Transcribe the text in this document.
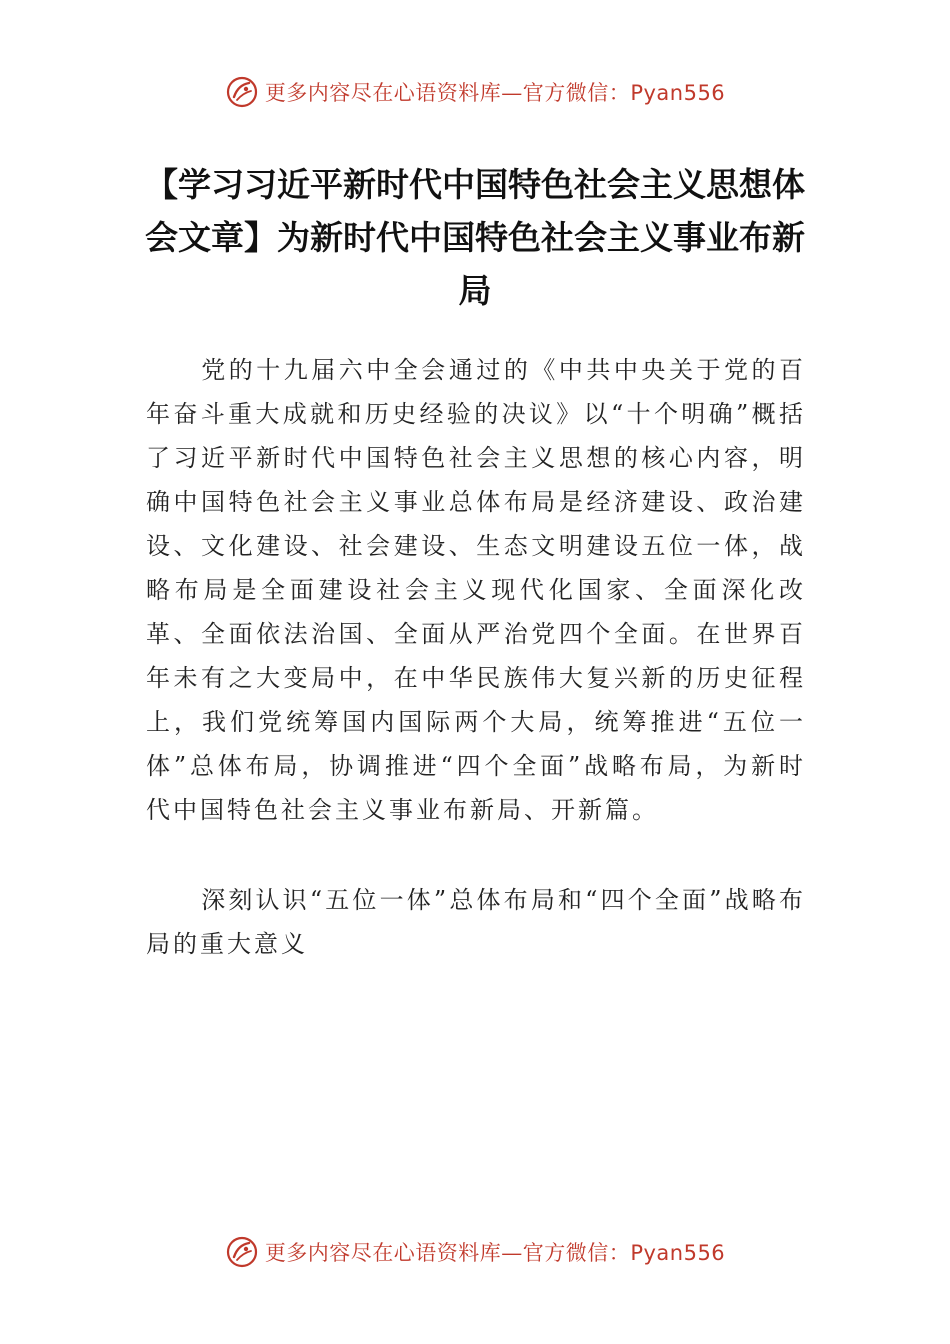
更多内容尽在心语资料库—官方微信：Pyan556
【学习习近平新时代中国特色社会主义思想体会文章】为新时代中国特色社会主义事业布新局

党的十九届六中全会通过的《中共中央关于党的百年奋斗重大成就和历史经验的决议》以“十个明确”概括了习近平新时代中国特色社会主义思想的核心内容，明确中国特色社会主义事业总体布局是经济建设、政治建设、文化建设、社会建设、生态文明建设五位一体，战略布局是全面建设社会主义现代化国家、全面深化改革、全面依法治国、全面从严治党四个全面。在世界百年未有之大变局中，在中华民族伟大复兴新的历史征程上，我们党统筹国内国际两个大局，统筹推进“五位一体”总体布局，协调推进“四个全面”战略布局，为新时代中国特色社会主义事业布新局、开新篇。

深刻认识“五位一体”总体布局和“四个全面”战略布局的重大意义

更多内容尽在心语资料库—官方微信：Pyan556
